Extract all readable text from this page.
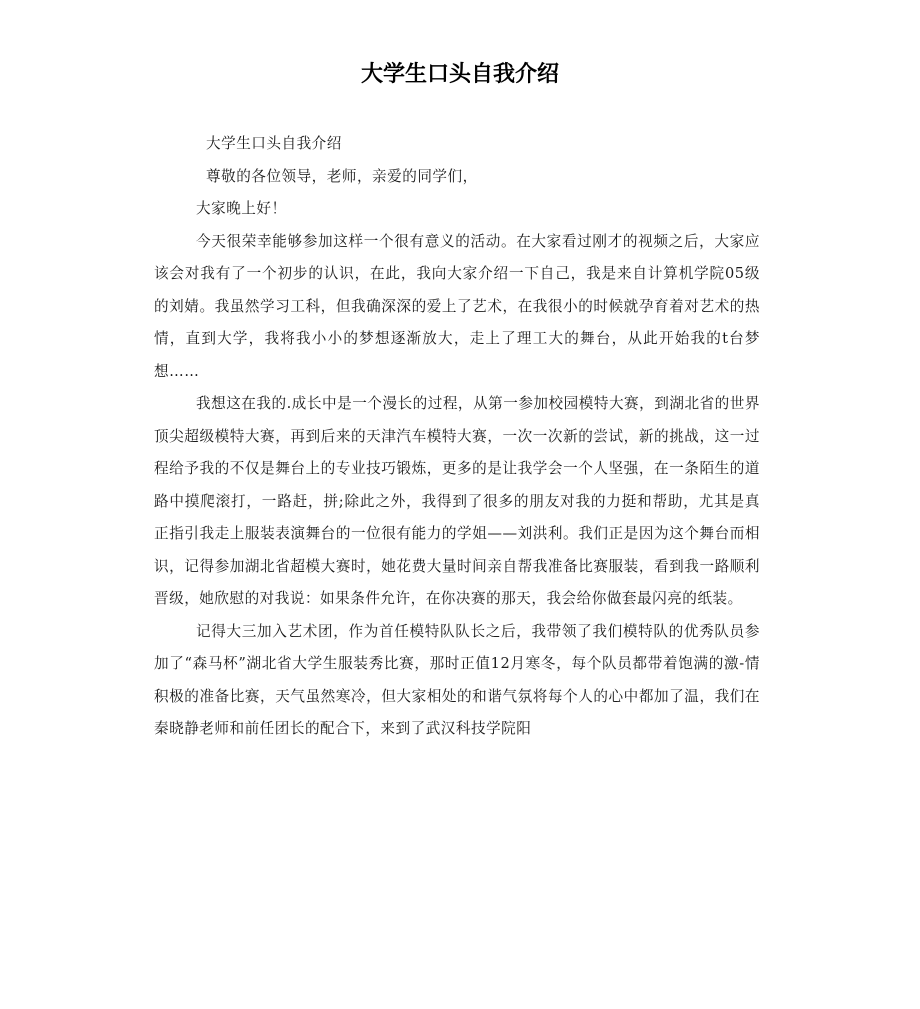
大学生口头自我介绍

大学生口头自我介绍

尊敬的各位领导，老师，亲爱的同学们，

大家晚上好！

今天很荣幸能够参加这样一个很有意义的活动。在大家看过刚才的视频之后，大家应该会对我有了一个初步的认识，在此，我向大家介绍一下自己，我是来自计算机学院05级的刘婧。我虽然学习工科，但我确深深的爱上了艺术，在我很小的时候就孕育着对艺术的热情，直到大学，我将我小小的梦想逐渐放大，走上了理工大的舞台，从此开始我的t台梦想……

我想这在我的.成长中是一个漫长的过程，从第一参加校园模特大赛，到湖北省的世界顶尖超级模特大赛，再到后来的天津汽车模特大赛，一次一次新的尝试，新的挑战，这一过程给予我的不仅是舞台上的专业技巧锻炼，更多的是让我学会一个人坚强，在一条陌生的道路中摸爬滚打，一路赶，拼;除此之外，我得到了很多的朋友对我的力挺和帮助，尤其是真正指引我走上服装表演舞台的一位很有能力的学姐——刘洪利。我们正是因为这个舞台而相识，记得参加湖北省超模大赛时，她花费大量时间亲自帮我准备比赛服装，看到我一路顺利晋级，她欣慰的对我说：如果条件允许，在你决赛的那天，我会给你做套最闪亮的纸装。

记得大三加入艺术团，作为首任模特队队长之后，我带领了我们模特队的优秀队员参加了“森马杯”湖北省大学生服装秀比赛，那时正值12月寒冬，每个队员都带着饱满的激-情积极的准备比赛，天气虽然寒冷，但大家相处的和谐气氛将每个人的心中都加了温，我们在秦晓静老师和前任团长的配合下，来到了武汉科技学院阳
